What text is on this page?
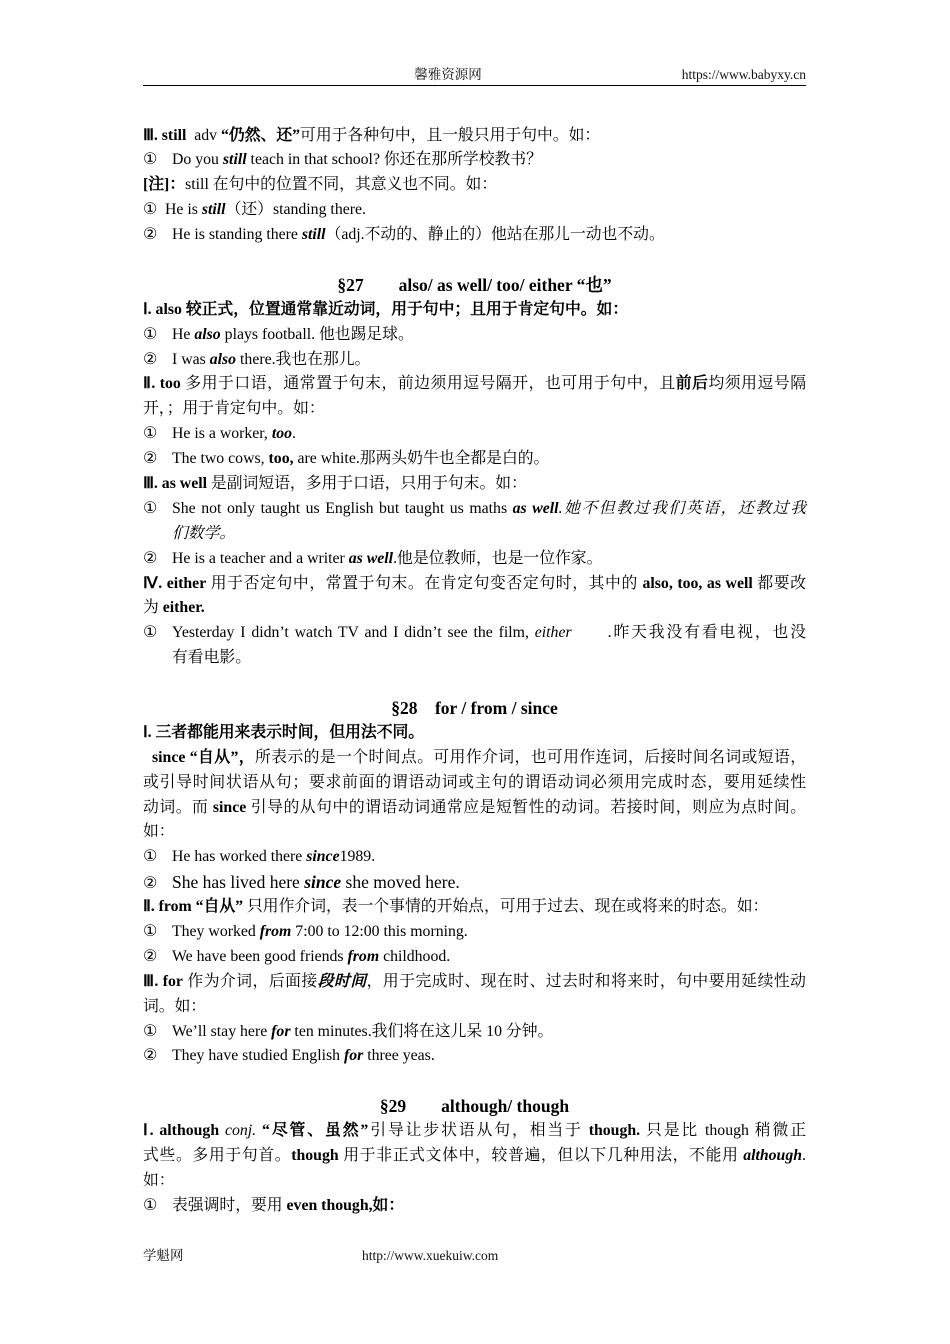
馨雅资源网	https://www.babyxy.cn
Ⅲ. still  adv “仍然、还”可用于各种句中，且一般只用于句中。如：
① Do you still teach in that school? 你还在那所学校教书？
[注]：still 在句中的位置不同，其意义也不同。如：
① He is still（还）standing there.
② He is standing there still（adj.不动的、静止的）他站在那儿一动也不动。
§27        also/ as well/ too/ either “也”
Ⅰ. also 较正式，位置通常靠近动词，用于句中；且用于肯定句中。如：
① He also plays football. 他也踢足球。
② I was also there.我也在那儿。
Ⅱ. too 多用于口语，通常置于句末，前边须用逗号隔开，也可用于句中，且前后均须用逗号隔
开，；用于肯定句中。如：
① He is a worker, too.
② The two cows, too, are white.那两头奶牛也全都是白的。
Ⅲ. as well 是副词短语，多用于口语，只用于句末。如：
① She not only taught us English but taught us maths as well.她不但教过我们英语，还教过我
们数学。
② He is a teacher and a writer as well.他是位教师，也是一位作家。
Ⅳ. either 用于否定句中，常置于句末。在肯定句变否定句时，其中的 also, too, as well 都要改
为 either.
① Yesterday I didn’t watch TV and I didn’t see the film, either .昨天我没有看电视，也没
有看电影。
§28    for / from / since
Ⅰ. 三者都能用来表示时间，但用法不同。
since “自从”，所表示的是一个时间点。可用作介词，也可用作连词，后接时间名词或短语，
或引导时间状语从句；要求前面的谓语动词或主句的谓语动词必须用完成时态，要用延续性
动词。而 since 引导的从句中的谓语动词通常应是短暂性的动词。若接时间，则应为点时间。
如：
① He has worked there since1989.
② She has lived here since she moved here.
Ⅱ. from “自从” 只用作介词，表一个事情的开始点，可用于过去、现在或将来的时态。如：
① They worked from 7:00 to 12:00 this morning.
② We have been good friends from childhood.
Ⅲ. for 作为介词，后面接段时间，用于完成时、现在时、过去时和将来时，句中要用延续性动
词。如：
① We’ll stay here for ten minutes.我们将在这儿呆 10 分钟。
② They have studied English for three yeas.
§29        although/ though
Ⅰ. although conj. “尽管、虽然”引导让步状语从句，相当于 though. 只是比 though 稍微正
式些。多用于句首。though 用于非正式文体中，较普遍，但以下几种用法，不能用 although.
如：
① 表强调时，要用 even though,如：
学魁网	http://www.xuekuiw.com
